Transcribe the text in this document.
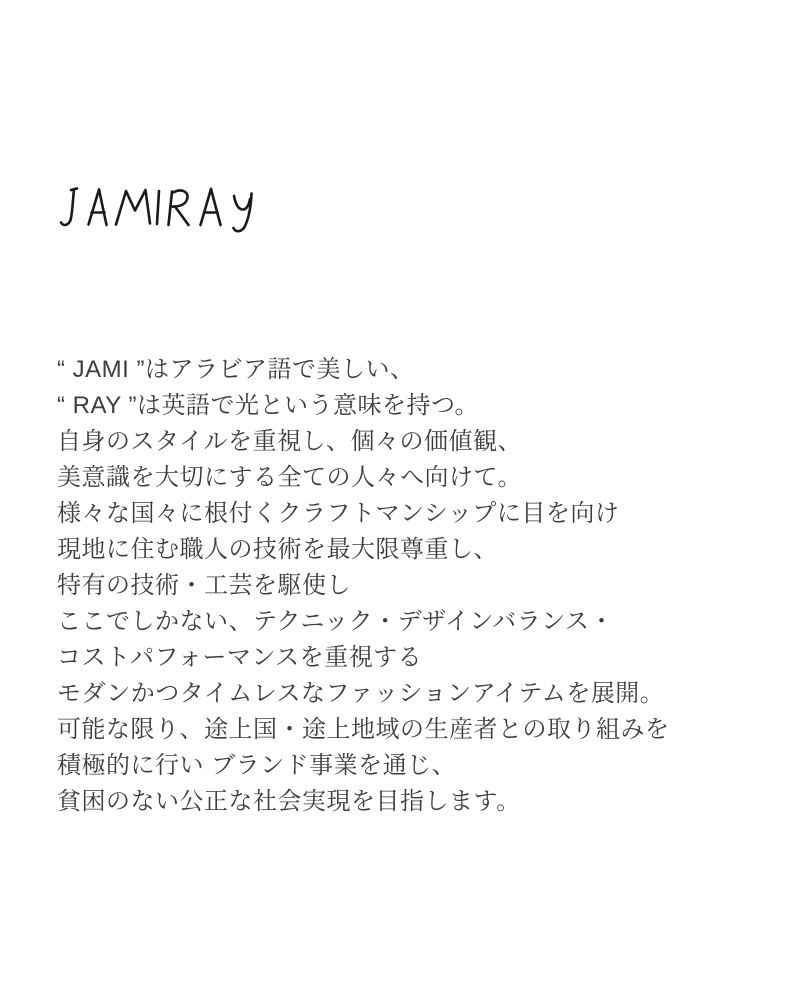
“ JAMI ”はアラビア語で美しい、
“ RAY ”は英語で光という意味を持つ。
自身のスタイルを重視し、個々の価値観、
美意識を大切にする全ての人々へ向けて。
様々な国々に根付くクラフトマンシップに目を向け
現地に住む職人の技術を最大限尊重し、
特有の技術・工芸を駆使し
ここでしかない、テクニック・デザインバランス・
コストパフォーマンスを重視する
モダンかつタイムレスなファッションアイテムを展開。
可能な限り、途上国・途上地域の生産者との取り組みを
積極的に行い ブランド事業を通じ、
貧困のない公正な社会実現を目指します。
